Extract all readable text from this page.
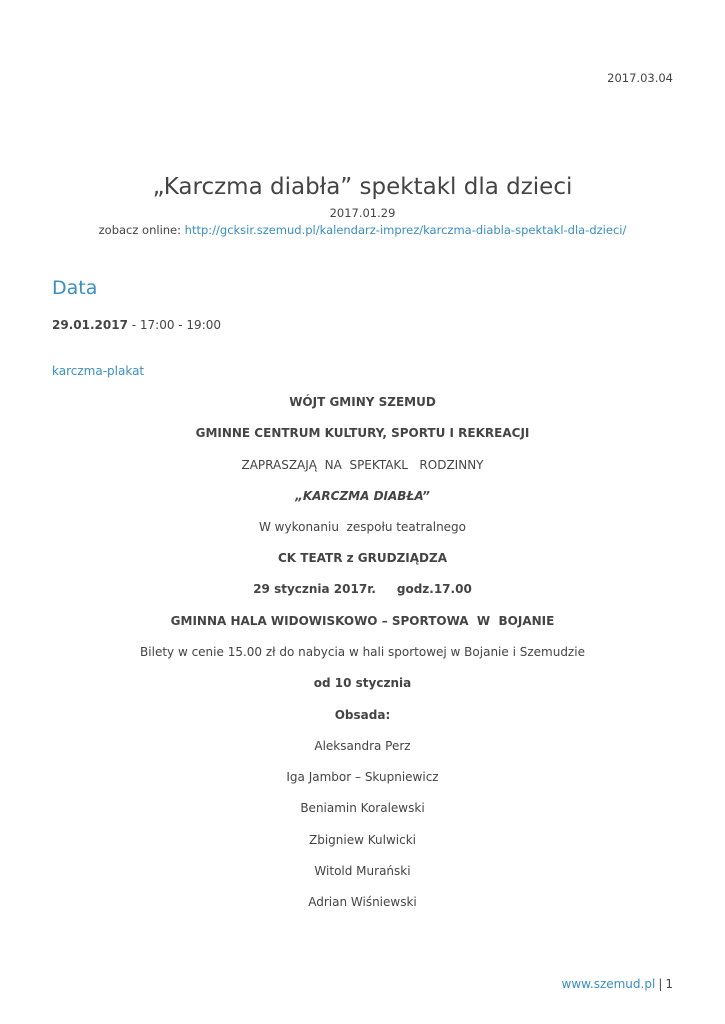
2017.03.04
„Karczma diabła” spektakl dla dzieci
2017.01.29
zobacz online: http://gcksir.szemud.pl/kalendarz-imprez/karczma-diabla-spektakl-dla-dzieci/
Data
29.01.2017 - 17:00 - 19:00
karczma-plakat
WÓJT GMINY SZEMUD
GMINNE CENTRUM KULTURY, SPORTU I REKREACJI
ZAPRASZAJĄ  NA  SPEKTAKL   RODZINNY
„KARCZMA DIABŁA”
W wykonaniu  zespołu teatralnego
CK TEATR z GRUDZIĄDZA
29 stycznia 2017r.     godz.17.00
GMINNA HALA WIDOWISKOWO – SPORTOWA  W  BOJANIE
Bilety w cenie 15.00 zł do nabycia w hali sportowej w Bojanie i Szemudzie
od 10 stycznia
Obsada:
Aleksandra Perz
Iga Jambor – Skupniewicz
Beniamin Koralewski
Zbigniew Kulwicki
Witold Murański
Adrian Wiśniewski
www.szemud.pl | 1
